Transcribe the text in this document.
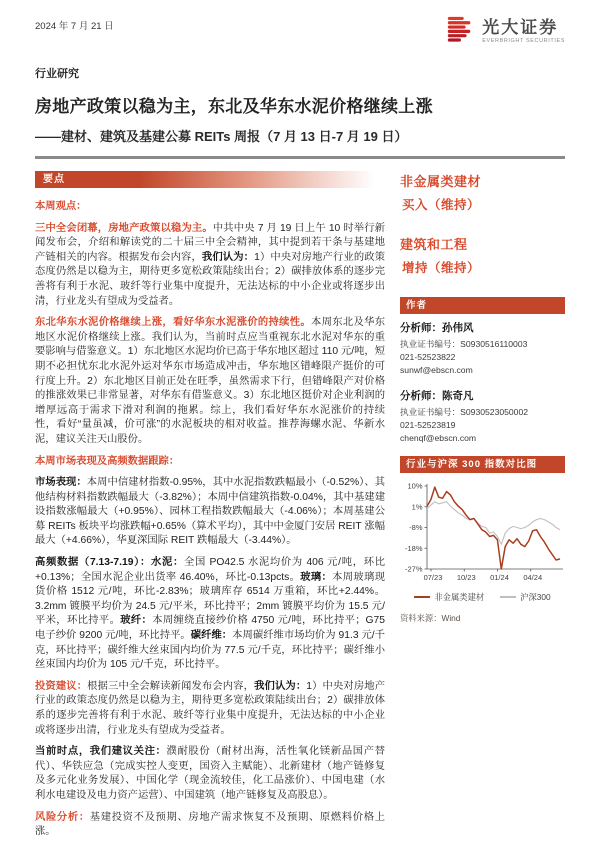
2024 年 7 月 21 日	光大证券
EVERBRIGHT SECURITIES
行业研究
房地产政策以稳为主，东北及华东水泥价格继续上涨
——建材、建筑及基建公募 REITs 周报（7 月 13 日-7 月 19 日）
要点

本周观点：

三中全会闭幕，房地产政策以稳为主。中共中央 7 月 19 日上午 10 时举行新闻发布会，介绍和解读党的二十届三中全会精神，其中提到若干条与基建地产链相关的内容。根据发布会内容，我们认为：1）中央对房地产行业的政策态度仍然是以稳为主，期待更多宽松政策陆续出台；2）碳排放体系的逐步完善将有利于水泥、玻纤等行业集中度提升，无法达标的中小企业或将逐步出清，行业龙头有望成为受益者。

东北华东水泥价格继续上涨，看好华东水泥涨价的持续性。本周东北及华东地区水泥价格继续上涨。我们认为，当前时点应当重视东北水泥对华东的重要影响与借鉴意义。1）东北地区水泥均价已高于华东地区超过 110 元/吨，短期不必担忧东北水泥外运对华东市场造成冲击，华东地区错峰限产挺价的可行度上升。2）东北地区目前正处在旺季，虽然需求下行，但错峰限产对价格的推涨效果已非常显著，对华东有借鉴意义。3）东北地区挺价对企业利润的增厚远高于需求下滑对利润的拖累。综上，我们看好华东水泥涨价的持续性，看好“量虽减，价可涨”的水泥板块的相对收益。推荐海螺水泥、华新水泥，建议关注天山股份。

本周市场表现及高频数据跟踪：

市场表现：本周中信建材指数-0.95%，其中水泥指数跌幅最小（-0.52%）、其他结构材料指数跌幅最大（-3.82%）；本周中信建筑指数-0.04%，其中基建建设指数涨幅最大（+0.95%）、园林工程指数跌幅最大（-4.06%）；本周基建公募 REITs 板块平均涨跌幅+0.65%（算术平均），其中中金厦门安居 REIT 涨幅最大（+4.66%），华夏深国际 REIT 跌幅最大（-3.44%）。

高频数据（7.13-7.19）：水泥：全国 PO42.5 水泥均价为 406 元/吨，环比+0.13%；全国水泥企业出货率 46.40%，环比-0.13pcts。玻璃：本周玻璃现货价格 1512 元/吨，环比-2.83%；玻璃库存 6514 万重箱，环比+2.44%。3.2mm 镀膜平均价为 24.5 元/平米，环比持平；2mm 镀膜平均价为 15.5 元/平米，环比持平。玻纤：本周缠绕直接纱价格 4750 元/吨，环比持平；G75 电子纱价 9200 元/吨，环比持平。碳纤维：本周碳纤维市场均价为 91.3 元/千克，环比持平；碳纤维大丝束国内均价为 77.5 元/千克，环比持平；碳纤维小丝束国内均价为 105 元/千克，环比持平。

投资建议：根据三中全会解读新闻发布会内容，我们认为：1）中央对房地产行业的政策态度仍然是以稳为主，期待更多宽松政策陆续出台；2）碳排放体系的逐步完善将有利于水泥、玻纤等行业集中度提升，无法达标的中小企业或将逐步出清，行业龙头有望成为受益者。

当前时点，我们建议关注：濮耐股份（耐材出海，活性氧化镁新品国产替代）、华铁应急（完成实控人变更，国资入主赋能）、北新建材（地产链修复及多元化业务发展）、中国化学（现金流较佳，化工品涨价）、中国电建（水利水电建设及电力资产运营）、中国建筑（地产链修复及高股息）。

风险分析：基建投资不及预期、房地产需求恢复不及预期、原燃料价格上涨。

非金属类建材
买入（维持）
建筑和工程
增持（维持）
作者
分析师：孙伟风
执业证书编号：S0930516110003
021-52523822
sunwf@ebscn.com
分析师：陈奇凡
执业证书编号：S0930523050002
021-52523819
chenqf@ebscn.com
行业与沪深 300 指数对比图
10%
1%
-8%
-18%
-27%
07/23 10/23 01/24 04/24
非金属类建材	沪深300
资料来源：Wind
